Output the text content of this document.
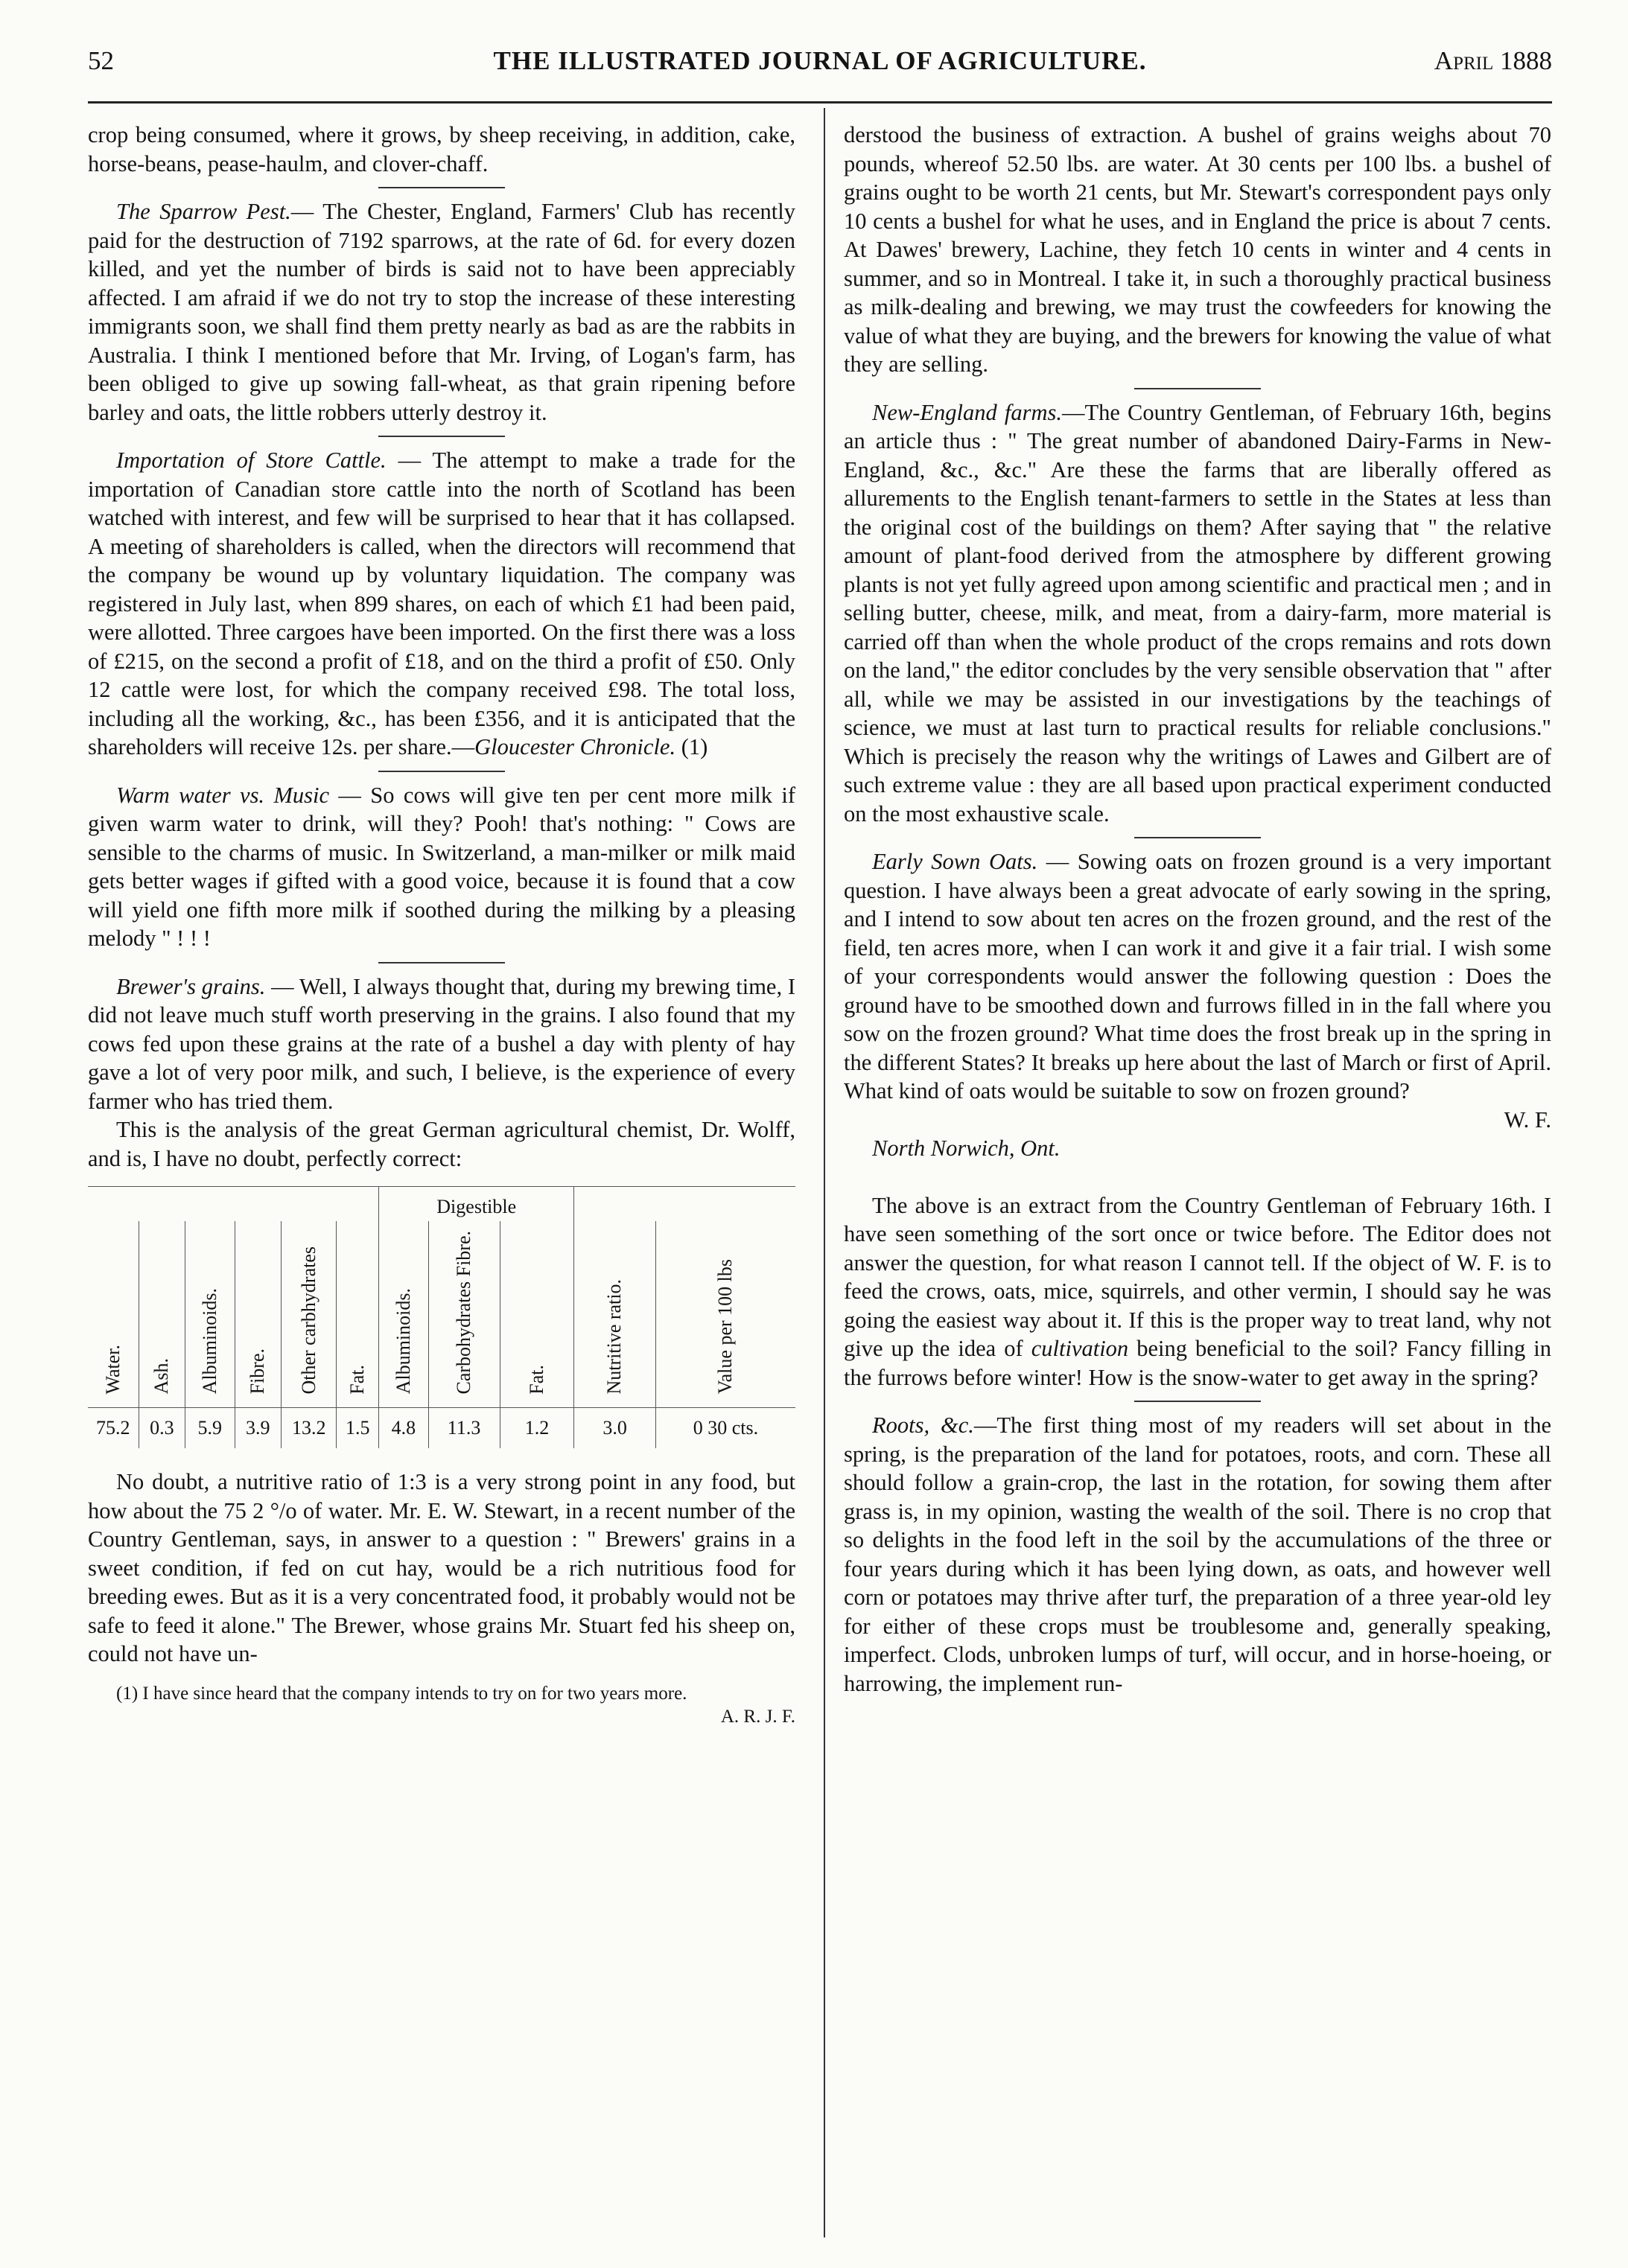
52	THE ILLUSTRATED JOURNAL OF AGRICULTURE.	April 1888

crop being consumed, where it grows, by sheep receiving, in addition, cake, horse-beans, pease-haulm, and clover-chaff.

The Sparrow Pest.— The Chester, England, Farmers' Club has recently paid for the destruction of 7192 sparrows, at the rate of 6d. for every dozen killed, and yet the number of birds is said not to have been appreciably affected. I am afraid if we do not try to stop the increase of these interesting immigrants soon, we shall find them pretty nearly as bad as are the rabbits in Australia. I think I mentioned before that Mr. Irving, of Logan's farm, has been obliged to give up sowing fall-wheat, as that grain ripening before barley and oats, the little robbers utterly destroy it.

Importation of Store Cattle. — The attempt to make a trade for the importation of Canadian store cattle into the north of Scotland has been watched with interest, and few will be surprised to hear that it has collapsed. A meeting of shareholders is called, when the directors will recommend that the company be wound up by voluntary liquidation. The company was registered in July last, when 899 shares, on each of which £1 had been paid, were allotted. Three cargoes have been imported. On the first there was a loss of £215, on the second a profit of £18, and on the third a profit of £50. Only 12 cattle were lost, for which the company received £98. The total loss, including all the working, &c., has been £356, and it is anticipated that the shareholders will receive 12s. per share.—Gloucester Chronicle. (1)

Warm water vs. Music — So cows will give ten per cent more milk if given warm water to drink, will they? Pooh! that's nothing: " Cows are sensible to the charms of music. In Switzerland, a man-milker or milk maid gets better wages if gifted with a good voice, because it is found that a cow will yield one fifth more milk if soothed during the milking by a pleasing melody " ! ! !

Brewer's grains. — Well, I always thought that, during my brewing time, I did not leave much stuff worth preserving in the grains. I also found that my cows fed upon these grains at the rate of a bushel a day with plenty of hay gave a lot of very poor milk, and such, I believe, is the experience of every farmer who has tried them.

This is the analysis of the great German agricultural chemist, Dr. Wolff, and is, I have no doubt, perfectly correct:

						Digestible				
Water.	Ash.	Albuminoids.	Fibre.	Other carbhydrates	Fat.	Albuminoids.	Carbohydrates Fibre.	Fat.	Nutritive ratio.	Value per 100 lbs
75.2	0.3	5.9	3.9	13.2	1.5	4.8	11.3	1.2	3.0	0 30 cts.

No doubt, a nutritive ratio of 1:3 is a very strong point in any food, but how about the 75 2 °/o of water. Mr. E. W. Stewart, in a recent number of the Country Gentleman, says, in answer to a question : " Brewers' grains in a sweet condition, if fed on cut hay, would be a rich nutritious food for breeding ewes. But as it is a very concentrated food, it probably would not be safe to feed it alone." The Brewer, whose grains Mr. Stuart fed his sheep on, could not have un-

(1) I have since heard that the company intends to try on for two years more.

A. R. J. F.

derstood the business of extraction. A bushel of grains weighs about 70 pounds, whereof 52.50 lbs. are water. At 30 cents per 100 lbs. a bushel of grains ought to be worth 21 cents, but Mr. Stewart's correspondent pays only 10 cents a bushel for what he uses, and in England the price is about 7 cents. At Dawes' brewery, Lachine, they fetch 10 cents in winter and 4 cents in summer, and so in Montreal. I take it, in such a thoroughly practical business as milk-dealing and brewing, we may trust the cowfeeders for knowing the value of what they are buying, and the brewers for knowing the value of what they are selling.

New-England farms.—The Country Gentleman, of February 16th, begins an article thus : " The great number of abandoned Dairy-Farms in New-England, &c., &c." Are these the farms that are liberally offered as allurements to the English tenant-farmers to settle in the States at less than the original cost of the buildings on them? After saying that " the relative amount of plant-food derived from the atmosphere by different growing plants is not yet fully agreed upon among scientific and practical men ; and in selling butter, cheese, milk, and meat, from a dairy-farm, more material is carried off than when the whole product of the crops remains and rots down on the land," the editor concludes by the very sensible observation that " after all, while we may be assisted in our investigations by the teachings of science, we must at last turn to practical results for reliable conclusions." Which is precisely the reason why the writings of Lawes and Gilbert are of such extreme value : they are all based upon practical experiment conducted on the most exhaustive scale.

Early Sown Oats. — Sowing oats on frozen ground is a very important question. I have always been a great advocate of early sowing in the spring, and I intend to sow about ten acres on the frozen ground, and the rest of the field, ten acres more, when I can work it and give it a fair trial. I wish some of your correspondents would answer the following question : Does the ground have to be smoothed down and furrows filled in in the fall where you sow on the frozen ground? What time does the frost break up in the spring in the different States? It breaks up here about the last of March or first of April. What kind of oats would be suitable to sow on frozen ground?

W. F.

North Norwich, Ont.

The above is an extract from the Country Gentleman of February 16th. I have seen something of the sort once or twice before. The Editor does not answer the question, for what reason I cannot tell. If the object of W. F. is to feed the crows, oats, mice, squirrels, and other vermin, I should say he was going the easiest way about it. If this is the proper way to treat land, why not give up the idea of cultivation being beneficial to the soil? Fancy filling in the furrows before winter! How is the snow-water to get away in the spring?

Roots, &c.—The first thing most of my readers will set about in the spring, is the preparation of the land for potatoes, roots, and corn. These all should follow a grain-crop, the last in the rotation, for sowing them after grass is, in my opinion, wasting the wealth of the soil. There is no crop that so delights in the food left in the soil by the accumulations of the three or four years during which it has been lying down, as oats, and however well corn or potatoes may thrive after turf, the preparation of a three year-old ley for either of these crops must be troublesome and, generally speaking, imperfect. Clods, unbroken lumps of turf, will occur, and in horse-hoeing, or harrowing, the implement run-
